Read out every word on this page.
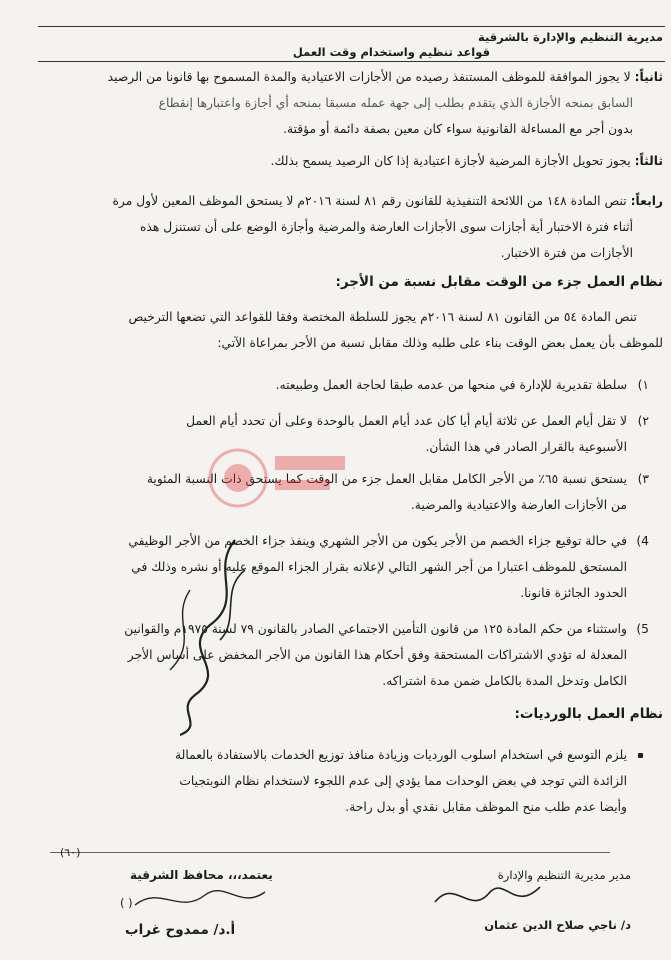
مديرية التنظيم والإدارة بالشرقية
قواعد تنظيم واستخدام وقت العمل
ثانياً: لا يجوز الموافقة للموظف المستنفذ رصيده من الأجازات الاعتيادية والمدة المسموح بها قانونا من الرصيد
السابق بمنحه الأجازة الذي يتقدم بطلب إلى جهة عمله مسبقا بمنحه أي أجازة واعتبارها إنقطاع
بدون أجر مع المساءلة القانونية سواء كان معين بصفة دائمة أو مؤقتة.
ثالثاً: يجوز تحويل الأجازة المرضية لأجازة اعتيادية إذا كان الرصيد يسمح بذلك.
رابعاً: تنص المادة ١٤٨ من اللائحة التنفيذية للقانون رقم ٨١ لسنة ٢٠١٦م لا يستحق الموظف المعين لأول مرة
أثناء فترة الاختبار أية أجازات سوى الأجازات العارضة والمرضية وأجازة الوضع على أن تستنزل هذه
الأجازات من فترة الاختبار.
نظام العمل جزء من الوقت مقابل نسبة من الأجر:
تنص المادة ٥٤ من القانون ٨١ لسنة ٢٠١٦م يجوز للسلطة المختصة وفقا للقواعد التي تضعها الترخيص
للموظف بأن يعمل بعض الوقت بناء على طلبه وذلك مقابل نسبة من الأجر بمراعاة الآتي:
١)
سلطة تقديرية للإدارة في منحها من عدمه طبقا لحاجة العمل وطبيعته.
٢)
لا تقل أيام العمل عن ثلاثة أيام أيا كان عدد أيام العمل بالوحدة وعلى أن تحدد أيام العمل
الأسبوعية بالقرار الصادر في هذا الشأن.
٣)
يستحق نسبة ٦٥٪ من الأجر الكامل مقابل العمل جزء من الوقت كما يستحق ذات النسبة المئوية
من الأجازات العارضة والاعتيادية والمرضية.
4)
في حالة توقيع جزاء الخصم من الأجر يكون من الأجر الشهري وينفذ جزاء الخصم من الأجر الوظيفي
المستحق للموظف اعتبارا من أجر الشهر التالي لإعلانه بقرار الجزاء الموقع عليه أو نشره وذلك في
الحدود الجائزة قانونا.
5)
واستثناء من حكم المادة ١٢٥ من قانون التأمين الاجتماعي الصادر بالقانون ٧٩ لسنة ١٩٧٥م والقوانين
المعدلة له تؤدي الاشتراكات المستحقة وفق أحكام هذا القانون من الأجر المخفض على أساس الأجر
الكامل وتدخل المدة بالكامل ضمن مدة اشتراكه.
نظام العمل بالورديات:
يلزم التوسع في استخدام اسلوب الورديات وزيادة منافذ توزيع الخدمات بالاستفادة بالعمالة
الزائدة التي توجد في بعض الوحدات مما يؤدي إلى عدم اللجوء لاستخدام نظام النوبتجيات
وأيضا عدم طلب منح الموظف مقابل نقدي أو بدل راحة.
(٦٠)
يعتمد،،، محافظ الشرقية
( )
أ.د/ ممدوح غراب
مدير مديرية التنظيم والإدارة
د/ ناجي صلاح الدين عثمان
